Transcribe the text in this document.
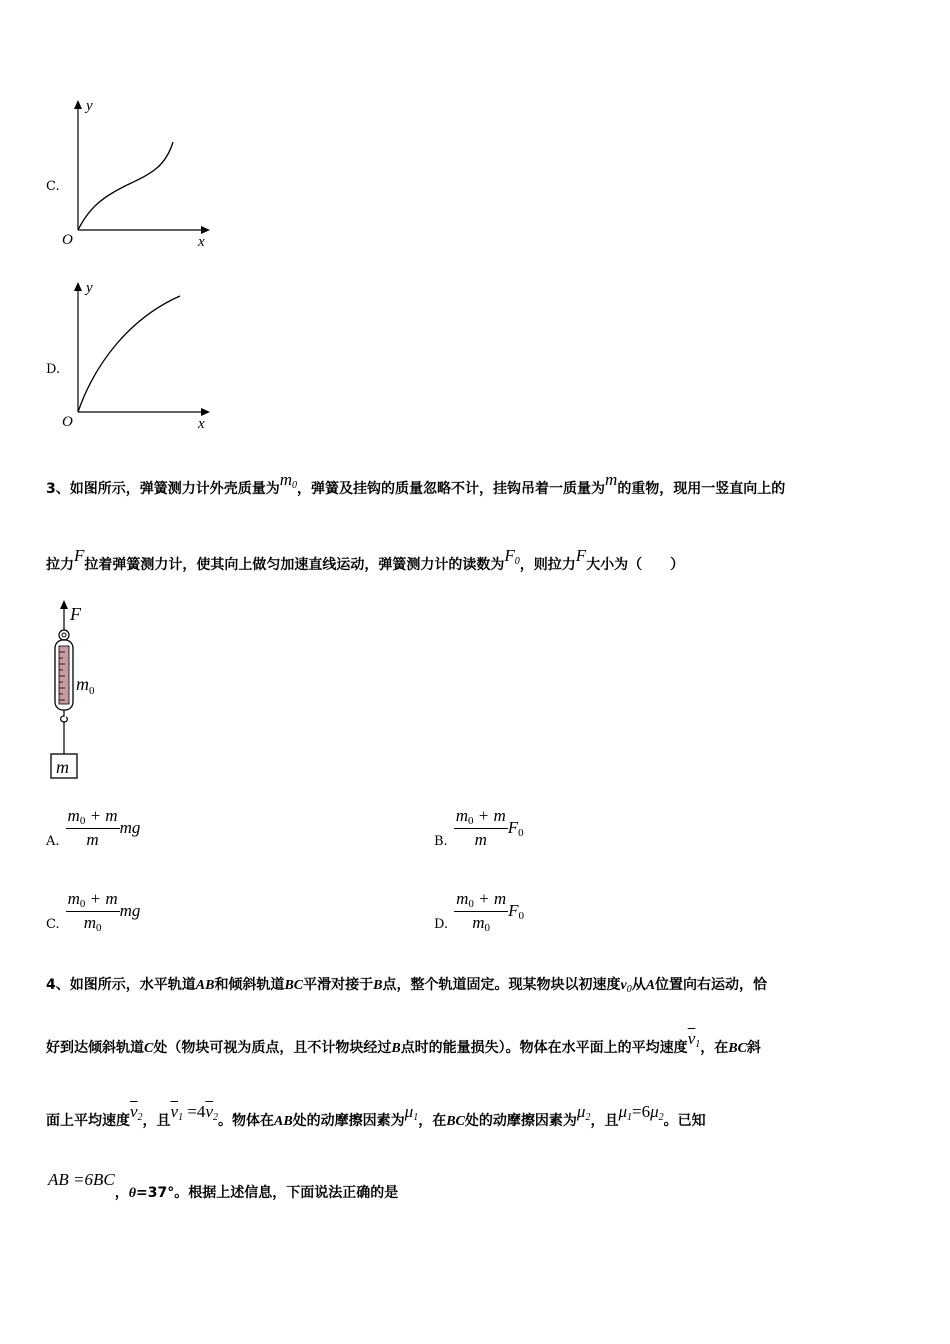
C.
y
x
O
D.
y
x
O
3、如图所示，弹簧测力计外壳质量为$m_0$，弹簧及挂钩的质量忽略不计，挂钩吊着一质量为m的重物，现用一竖直向上的
拉力F拉着弹簧测力计，使其向上做匀加速直线运动，弹簧测力计的读数为$F_0$，则拉力F大小为（　　）
F
$m_0$
m
A. $\frac{m0 + m}{m}$ mg
B. $\frac{m0 + m}{m} F0$
C. $\frac{m0 + m}{m0}$ mg
D. $\frac{m0 + m}{m0} F0$
4、如图所示，水平轨道AB和倾斜轨道BC平滑对接于B点，整个轨道固定。现某物块以初速度$v_0$从A位置向右运动，恰
好到达倾斜轨道C处（物块可视为质点，且不计物块经过B点时的能量损失）。物体在水平面上的平均速度$\overline{v}_1$，在BC斜
面上平均速度$\overline{v}_2$，且$\overline{v}_1 =4\overline{v}_2$。物体在AB处的动摩擦因素为$\mu_1$，在BC处的动摩擦因素为$\mu_2$，且$\mu_1=6\mu_2$。已知
AB =6BC，θ=37°。根据上述信息，下面说法正确的是
